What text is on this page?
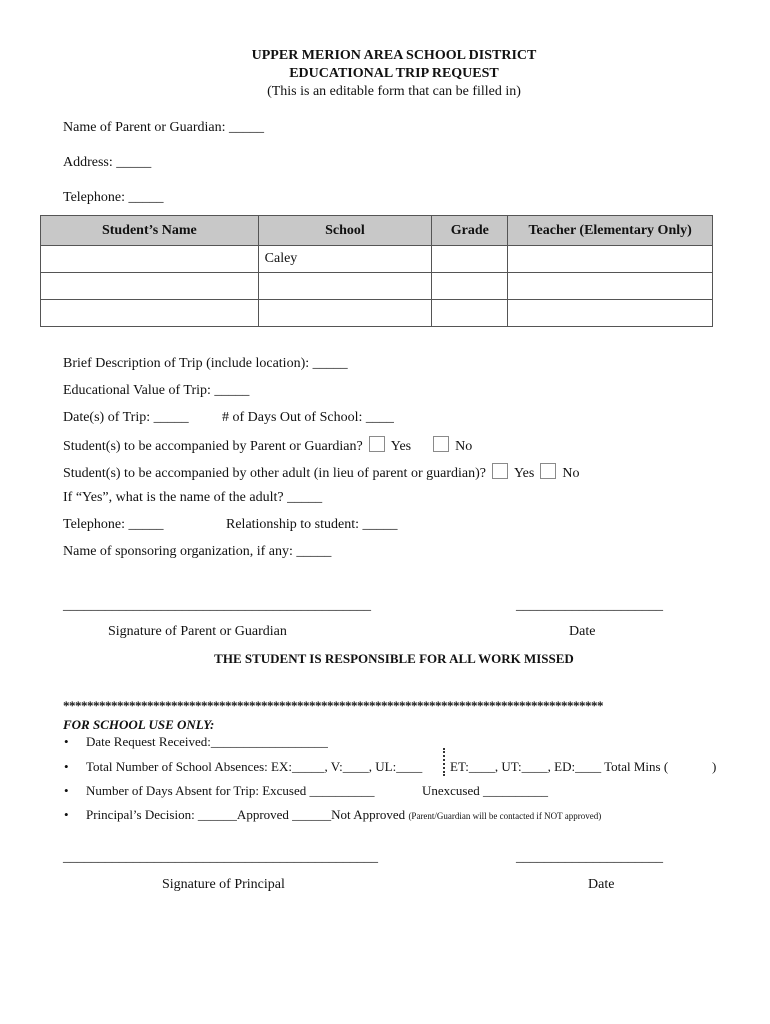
UPPER MERION AREA SCHOOL DISTRICT
EDUCATIONAL TRIP REQUEST
(This is an editable form that can be filled in)
Name of Parent or Guardian: _____
Address: _____
Telephone: _____
Student’s Name	School	Grade	Teacher (Elementary Only)
	Caley		

Brief Description of Trip (include location): _____
Educational Value of Trip: _____
Date(s) of Trip: _____ # of Days Out of School: ____
Student(s) to be accompanied by Parent or Guardian? Yes	No
Student(s) to be accompanied by other adult (in lieu of parent or guardian)? Yes No
If “Yes”, what is the name of the adult? _____
Telephone: _____	Relationship to student: _____
Name of sponsoring organization, if any: _____
____________________________________________	_____________________
Signature of Parent or Guardian	Date
THE STUDENT IS RESPONSIBLE FOR ALL WORK MISSED
******************************************************************************************
FOR SCHOOL USE ONLY:
• Date Request Received:__________________
• Total Number of School Absences: EX:_____, V:____, UL:____ ET:____, UT:____, ED:____ Total Mins (	)
• Number of Days Absent for Trip: Excused __________	Unexcused __________
• Principal’s Decision: ______Approved ______Not Approved (Parent/Guardian will be contacted if NOT approved)
_____________________________________________	_____________________
Signature of Principal	Date
